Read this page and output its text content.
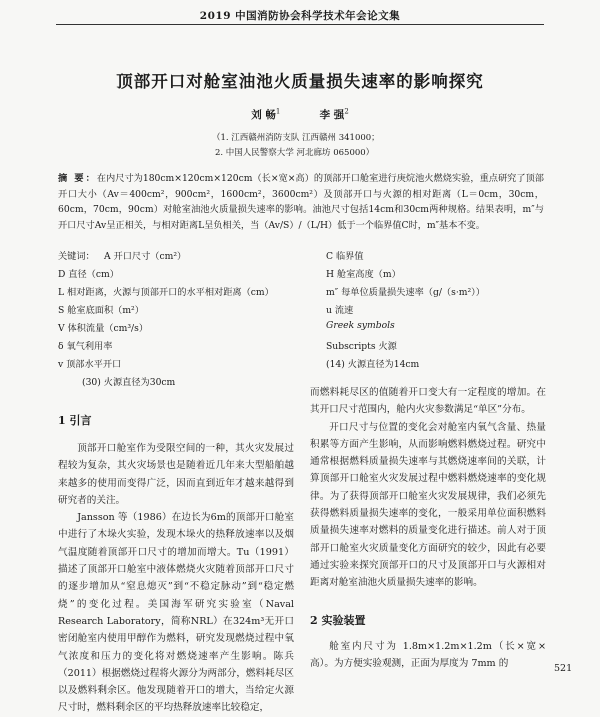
2019 中国消防协会科学技术年会论文集
顶部开口对舱室油池火质量损失速率的影响探究
刘 畅$^1$	李 强$^2$
（1. 江西赣州消防支队 江西赣州 341000；
2. 中国人民警察大学 河北廊坊 065000）
摘 要：在内尺寸为180cm×120cm×120cm（长×宽×高）的顶部开口舱室进行庚烷池火燃烧实验，重点研究了顶部开口大小（Av＝400cm²，900cm²，1600cm²，3600cm²）及顶部开口与火源的相对距离（L＝0cm，30cm，60cm，70cm，90cm）对舱室油池火质量损失速率的影响。油池尺寸包括14cm和30cm两种规格。结果表明，m″与开口尺寸Av呈正相关，与相对距离L呈负相关，当（Av/S）/（L/H）低于一个临界值C时，m″基本不变。
关键词： A 开口尺寸（cm²）
D 直径（cm）
L 相对距离，火源与顶部开口的水平相对距离（cm）
S 舱室底面积（m²）
V 体积流量（cm³/s）
δ 氧气利用率
v 顶部水平开口
(30) 火源直径为30cm
C 临界值
H 舱室高度（m）
m″ 每单位质量损失速率（g/（s·m²））
u 流速
Greek symbols
Subscripts 火源
(14) 火源直径为14cm
1 引言

顶部开口舱室作为受限空间的一种，其火灾发展过程较为复杂，其火灾场景也是随着近几年来大型船舶越来越多的使用而变得广泛，因而直到近年才越来越得到研究者的关注。

Jansson 等（1986）在边长为6m的顶部开口舱室中进行了木垛火实验，发现木垛火的热释放速率以及烟气温度随着顶部开口尺寸的增加而增大。Tu（1991）描述了顶部开口舱室中液体燃烧火灾随着顶部开口尺寸的逐步增加从“窒息熄灭”到“不稳定脉动”到“稳定燃烧”的变化过程。美国海军研究实验室（Naval Research Laboratory，简称NRL）在324m³无开口密闭舱室内使用甲醇作为燃料，研究发现燃烧过程中氧气浓度和压力的变化将对燃烧速率产生影响。陈兵（2011）根据燃烧过程将火源分为两部分，燃料耗尽区以及燃料剩余区。他发现随着开口的增大，当给定火源尺寸时，燃料剩余区的平均热释放速率比较稳定，

而燃料耗尽区的值随着开口变大有一定程度的增加。在其开口尺寸范围内，舱内火灾参数满足“单区”分布。

开口尺寸与位置的变化会对舱室内氧气含量、热量积累等方面产生影响，从而影响燃料燃烧过程。研究中通常根据燃料质量损失速率与其燃烧速率间的关联，计算顶部开口舱室火灾发展过程中燃料燃烧速率的变化规律。为了获得顶部开口舱室火灾发展规律，我们必须先获得燃料质量损失速率的变化，一般采用单位面积燃料质量损失速率对燃料的质量变化进行描述。前人对于顶部开口舱室火灾质量变化方面研究的较少，因此有必要通过实验来探究顶部开口的尺寸及顶部开口与火源相对距离对舱室油池火质量损失速率的影响。

2 实验装置

舱室内尺寸为 1.8m×1.2m×1.2m（长×宽×高）。为方便实验观测，正面为厚度为 7mm 的	521
